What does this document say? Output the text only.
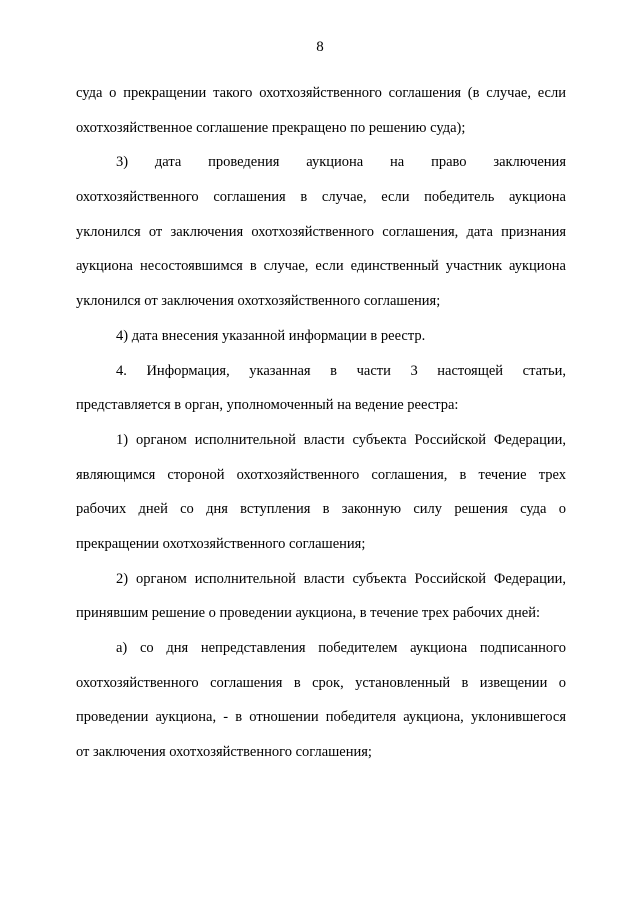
8
суда о прекращении такого охотхозяйственного соглашения (в случае, если
охотхозяйственное соглашение прекращено по решению суда);
3) дата проведения аукциона на право заключения
охотхозяйственного соглашения в случае, если победитель аукциона
уклонился от заключения охотхозяйственного соглашения, дата признания
аукциона несостоявшимся в случае, если единственный участник аукциона
уклонился от заключения охотхозяйственного соглашения;
4) дата внесения указанной информации в реестр.
4. Информация, указанная в части 3 настоящей статьи,
представляется в орган, уполномоченный на ведение реестра:
1) органом исполнительной власти субъекта Российской Федерации,
являющимся стороной охотхозяйственного соглашения, в течение трех
рабочих дней со дня вступления в законную силу решения суда о
прекращении охотхозяйственного соглашения;
2) органом исполнительной власти субъекта Российской Федерации,
принявшим решение о проведении аукциона, в течение трех рабочих дней:
а) со дня непредставления победителем аукциона подписанного
охотхозяйственного соглашения в срок, установленный в извещении о
проведении аукциона, - в отношении победителя аукциона, уклонившегося
от заключения охотхозяйственного соглашения;
